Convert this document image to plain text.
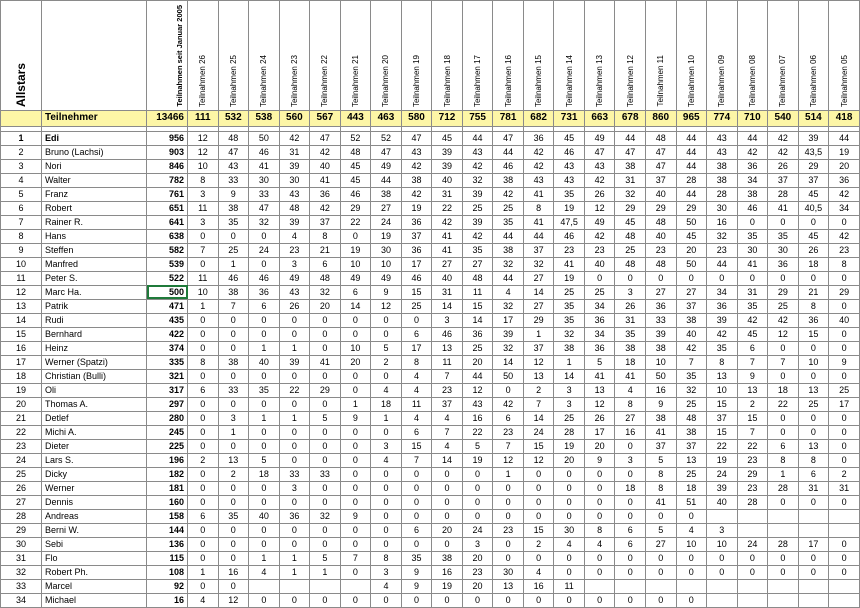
Allstars		Teilnahmen seit Januar 2005	Teilnahmen 26	Teilnahmen 25	Teilnahmen 24	Teilnahmen 23	Teilnahmen 22	Teilnahmen 21	Teilnahmen 20	Teilnahmen 19	Teilnahmen 18	Teilnahmen 17	Teilnahmen 16	Teilnahmen 15	Teilnahmen 14	Teilnahmen 13	Teilnahmen 12	Teilnahmen 11	Teilnahmen 10	Teilnahmen 09	Teilnahmen 08	Teilnahmen 07	Teilnahmen 06	Teilnahmen 05
	Teilnehmer	13466	111	532	538	560	567	443	463	580	712	755	781	682	731	663	678	860	965	774	710	540	514	418

1	Edi	956	12	48	50	42	47	52	52	47	45	44	47	36	45	49	44	48	44	43	44	42	39	44
2	Bruno (Lachsi)	903	12	47	46	31	42	48	47	43	39	43	44	42	46	47	47	47	44	43	42	42	43,5	19
3	Nori	846	10	43	41	39	40	45	49	42	39	42	46	42	43	43	38	47	44	38	36	26	29	20
4	Walter	782	8	33	30	30	41	45	44	38	40	32	38	43	43	42	31	37	28	38	34	37	37	36
5	Franz	761	3	9	33	43	36	46	38	42	31	39	42	41	35	26	32	40	44	28	38	28	45	42
6	Robert	651	11	38	47	48	42	29	27	19	22	25	25	8	19	12	29	29	29	30	46	41	40,5	34
7	Rainer R.	641	3	35	32	39	37	22	24	36	42	39	35	41	47,5	49	45	48	50	16	0	0	0	0
8	Hans	638	0	0	0	4	8	0	19	37	41	42	44	44	46	42	48	40	45	32	35	35	45	42
9	Steffen	582	7	25	24	23	21	19	30	36	41	35	38	37	23	23	25	23	20	23	30	30	26	23
10	Manfred	539	0	1	0	3	6	10	10	17	27	27	32	32	41	40	48	48	50	44	41	36	18	8
11	Peter S.	522	11	46	46	49	48	49	49	46	40	48	44	27	19	0	0	0	0	0	0	0	0	0
12	Marc Ha.	500	10	38	36	43	32	6	9	15	31	11	4	14	25	25	3	27	27	34	31	29	21	29
13	Patrik	471	1	7	6	26	20	14	12	25	14	15	32	27	35	34	26	36	37	36	35	25	8	0
14	Rudi	435	0	0	0	0	0	0	0	0	3	14	17	29	35	36	31	33	38	39	42	42	36	40
15	Bernhard	422	0	0	0	0	0	0	0	6	46	36	39	1	32	34	35	39	40	42	45	12	15	0
16	Heinz	374	0	0	1	1	0	10	5	17	13	25	32	37	38	36	38	38	42	35	6	0	0	0
17	Werner (Spatzi)	335	8	38	40	39	41	20	2	8	11	20	14	12	1	5	18	10	7	8	7	7	10	9
18	Christian (Bulli)	321	0	0	0	0	0	0	0	4	7	44	50	13	14	41	41	50	35	13	9	0	0	0
19	Oli	317	6	33	35	22	29	0	4	4	23	12	0	2	3	13	4	16	32	10	13	18	13	25
20	Thomas A.	297	0	0	0	0	0	1	18	11	37	43	42	7	3	12	8	9	25	15	2	22	25	17
21	Detlef	280	0	3	1	1	5	9	1	4	4	16	6	14	25	26	27	38	48	37	15	0	0	0
22	Michi A.	245	0	1	0	0	0	0	0	6	7	22	23	24	28	17	16	41	38	15	7	0	0	0
23	Dieter	225	0	0	0	0	0	0	3	15	4	5	7	15	19	20	0	37	37	22	22	6	13	0
24	Lars S.	196	2	13	5	0	0	0	4	7	14	19	12	12	20	9	3	5	13	19	23	8	8	0
25	Dicky	182	0	2	18	33	33	0	0	0	0	0	1	0	0	0	0	8	25	24	29	1	6	2
26	Werner	181	0	0	0	3	0	0	0	0	0	0	0	0	0	0	18	8	18	39	23	28	31	31
27	Dennis	160	0	0	0	0	0	0	0	0	0	0	0	0	0	0	0	41	51	40	28	0	0	0
28	Andreas	158	6	35	40	36	32	9	0	0	0	0	0	0	0	0	0	0	0					
29	Berni W.	144	0	0	0	0	0	0	0	6	20	24	23	15	30	8	6	5	4	3				
30	Sebi	136	0	0	0	0	0	0	0	0	0	3	0	2	4	4	6	27	10	10	24	28	17	0
31	Flo	115	0	0	1	1	5	7	8	35	38	20	0	0	0	0	0	0	0	0	0	0	0	0
32	Robert Ph.	108	1	16	4	1	1	0	3	9	16	23	30	4	0	0	0	0	0	0	0	0	0	0
33	Marcel	92	0	0					4	9	19	20	13	16	11									
34	Michael	16	4	12	0	0	0	0	0	0	0	0	0	0	0	0	0	0	0					
